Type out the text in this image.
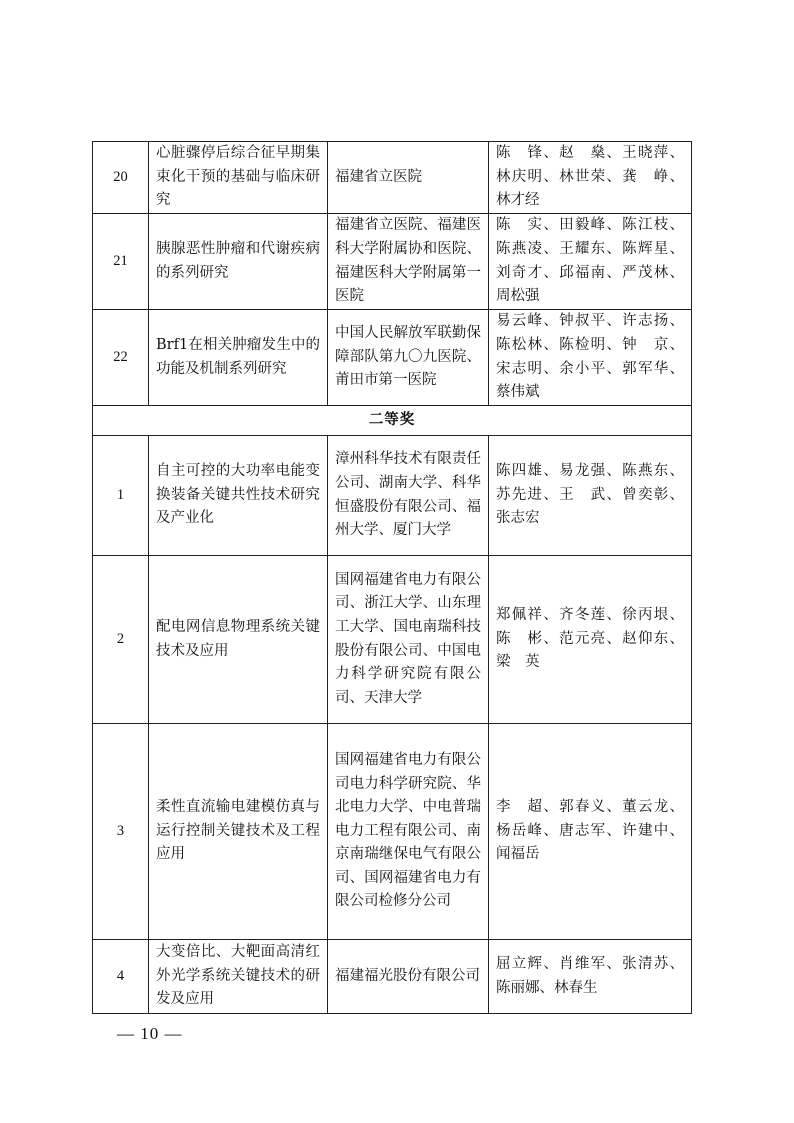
20	心脏骤停后综合征早期集束化干预的基础与临床研究	福建省立医院	陈　锋、赵　燊、王晓萍、林庆明、林世荣、龚　峥、林才经
21	胰腺恶性肿瘤和代谢疾病的系列研究	福建省立医院、福建医科大学附属协和医院、福建医科大学附属第一医院	陈　实、田毅峰、陈江枝、陈燕凌、王耀东、陈辉星、刘奇才、邱福南、严茂林、周松强
22	Brf1在相关肿瘤发生中的功能及机制系列研究	中国人民解放军联勤保障部队第九〇九医院、莆田市第一医院	易云峰、钟叔平、许志扬、陈松林、陈检明、钟　京、宋志明、余小平、郭军华、蔡伟斌
二等奖			
1	自主可控的大功率电能变换装备关键共性技术研究及产业化	漳州科华技术有限责任公司、湖南大学、科华恒盛股份有限公司、福州大学、厦门大学	陈四雄、易龙强、陈燕东、苏先进、王　武、曾奕彰、张志宏
2	配电网信息物理系统关键技术及应用	国网福建省电力有限公司、浙江大学、山东理工大学、国电南瑞科技股份有限公司、中国电力科学研究院有限公司、天津大学	郑佩祥、齐冬莲、徐丙垠、陈　彬、范元亮、赵仰东、梁　英
3	柔性直流输电建模仿真与运行控制关键技术及工程应用	国网福建省电力有限公司电力科学研究院、华北电力大学、中电普瑞电力工程有限公司、南京南瑞继保电气有限公司、国网福建省电力有限公司检修分公司	李　超、郭春义、董云龙、杨岳峰、唐志军、许建中、闻福岳
4	大变倍比、大靶面高清红外光学系统关键技术的研发及应用	福建福光股份有限公司	屈立辉、肖维军、张清苏、陈丽娜、林春生
— 10 —
